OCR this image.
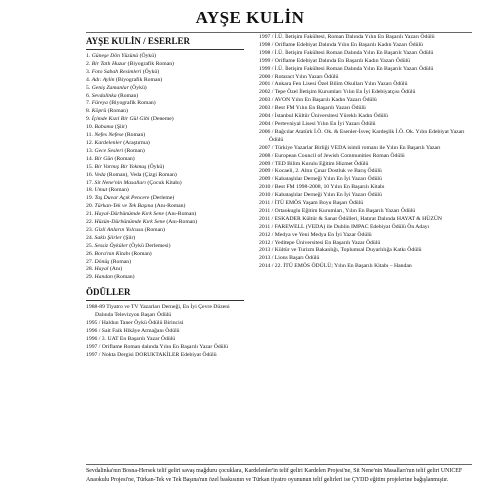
AYŞE KULİN
AYŞE KULİN / ESERLER
1. Güneşe Dön Yüzünü (Öykü)
2. Bir Tatlı Huzur (Biyografik Roman)
3. Foto Sabah Resimleri (Öykü)
4. Adı: Aylin (Biyografik Roman)
5. Geniş Zamanlar (Öykü)
6. Sevdalinka (Roman)
7. Füreya (Biyografik Roman)
8. Köprü (Roman)
9. İçimde Kızıl Bir Gül Gibi (Deneme)
10. Babama (Şiir)
11. Nefes Nefese (Roman)
12. Kardelenler (Araştırma)
13. Gece Sesleri (Roman)
14. Bir Gün (Roman)
15. Bir Varmış Bir Yokmuş (Öykü)
16. Veda (Roman), Veda (Çizgi Roman)
17. Sit Nene'nin Masalları (Çocuk Kitabı)
18. Umut (Roman)
19. Taş Duvar Açık Pencere (Derleme)
20. Türkan-Tek ve Tek Başına (Anı-Roman)
21. Hayal-Dürbünümde Kırk Sene (Anı-Roman)
22. Hüzün-Dürbünümde Kırk Sene (Anı-Roman)
23. Gizli Anların Yolcusu (Roman)
24. Saklı Şiirler (Şiir)
25. Sessiz Öyküler (Öykü Derlemesi)
26. Bora'nın Kitabı (Roman)
27. Dönüş (Roman)
28. Hayal (Anı)
29. Handan (Roman)
ÖDÜLLER
1988-89 Tiyatro ve TV Yazarları Derneği, En İyi Çevre Düzeni Dalında Televizyon Başarı Ödülü
1995 / Haldun Taner Öykü Ödülü Birincisi
1996 / Sait Faik Hikâye Armağanı Ödülü
1996 / 3. UAT En Başarılı Yazar Ödülü
1997 / Oriflame Roman dalında Yılın En Başarılı Yazar Ödülü
1997 / Nokta Dergisi DORUKTAKİLER Edebiyat Ödülü
1997 / İ.Ü. İletişim Fakültesi, Roman Dalında Yılın En Başarılı Yazarı Ödülü
1998 / Oriflame Edebiyat Dalında Yılın En Başarılı Kadın Yazarı Ödülü
1998 / İ.Ü. İletişim Fakültesi Roman Dalında Yılın En Başarılı Yazarı Ödülü
1999 / Oriflame Edebiyat Dalında En Başarılı Kadın Yazarı Ödülü
1999 / İ.Ü. İletişim Fakültesi Roman Dalında Yılın En Başarılı Yazarı Ödülü
2000 / Rotaract Yılın Yazarı Ödülü
2001 / Ankara Fen Lisesi Özel Bilim Okulları Yılın Yazarı Ödülü
2002 / Tepe Özel İletişim Kurumları Yılın En İyi Edebiyatçısı Ödülü
2003 / AVON Yılın En Başarılı Kadın Yazarı Ödülü
2003 / Best FM Yılın En Başarılı Yazarı Ödülü
2004 / İstanbul Kültür Üniversitesi Yüreklı Kadın Ödülü
2004 / Pertevniyal Lisesi Yılın En İyi Yazarı Ödülü
2006 / Bağcılar Atatürk İ.Ö. Ok. & Esenler-İsveç Kardeşlik İ.Ö. Ok. Yılın Edebiyat Yazarı Ödülü
2007 / Türkiye Yazarlar Birliği VEDA isimli romanı ile Yılın En Başarılı Yazarı
2008 / European Council of Jewish Communities Roman Ödülü
2009 / TED Bilim Kurulu Eğitim Hizmet Ödülü
2009 / Kocaeli, 2. Altın Çınar Dostluk ve Barış Ödülü
2009 / Kabataşlılar Derneği Yılın En İyi Yazarı Ödülü
2010 / Best FM 1998-2008, 10 Yılın En Başarılı Kitabı
2010 / Kabataşlılar Derneği Yılın En İyi Yazarı Ödülü
2011 / İTÜ EMÖS Yaşam Boyu Başarı Ödülü
2011 / Ortaokuglu Eğitim Kurumları, Yılın En Başarılı Yazarı Ödülü
2011 / ESKADER Kültür & Sanat Ödülleri, Hatırat Dalında HAYAT & HÜZÜN
2011 / FAREWELL (VEDA) ile Dublin IMPAC Edebiyat Ödülü Ön Adayı
2012 / Medya ve Yeni Medya En İyi Yazar Ödülü
2012 / Yeditepe Üniversitesi En Başarılı Yazar Ödülü
2013 / Kültür ve Turizm Bakanlığı, Toplumsal Duyarlılığa Katkı Ödülü
2013 / Lions Başarı Ödülü
2014 / 22. İTÜ EMÖS ÖDÜLÜ; Yılın En Başarılı Kitabı – Handan
Sevdalinka'nın Bosna-Hersek telif geliri savaş mağduru çocuklara, Kardelenler'in telif geliri Kardelen Projesi'ne, Sit Nene'nin Masalları'nın telif geliri UNICEF Anaokulu Projesi'ne, Türkan-Tek ve Tek Başına'nın özel baskısının ve Türkan tiyatro oyununun telif gelirleri ise ÇYDD eğitim projelerine bağışlanmıştır.
